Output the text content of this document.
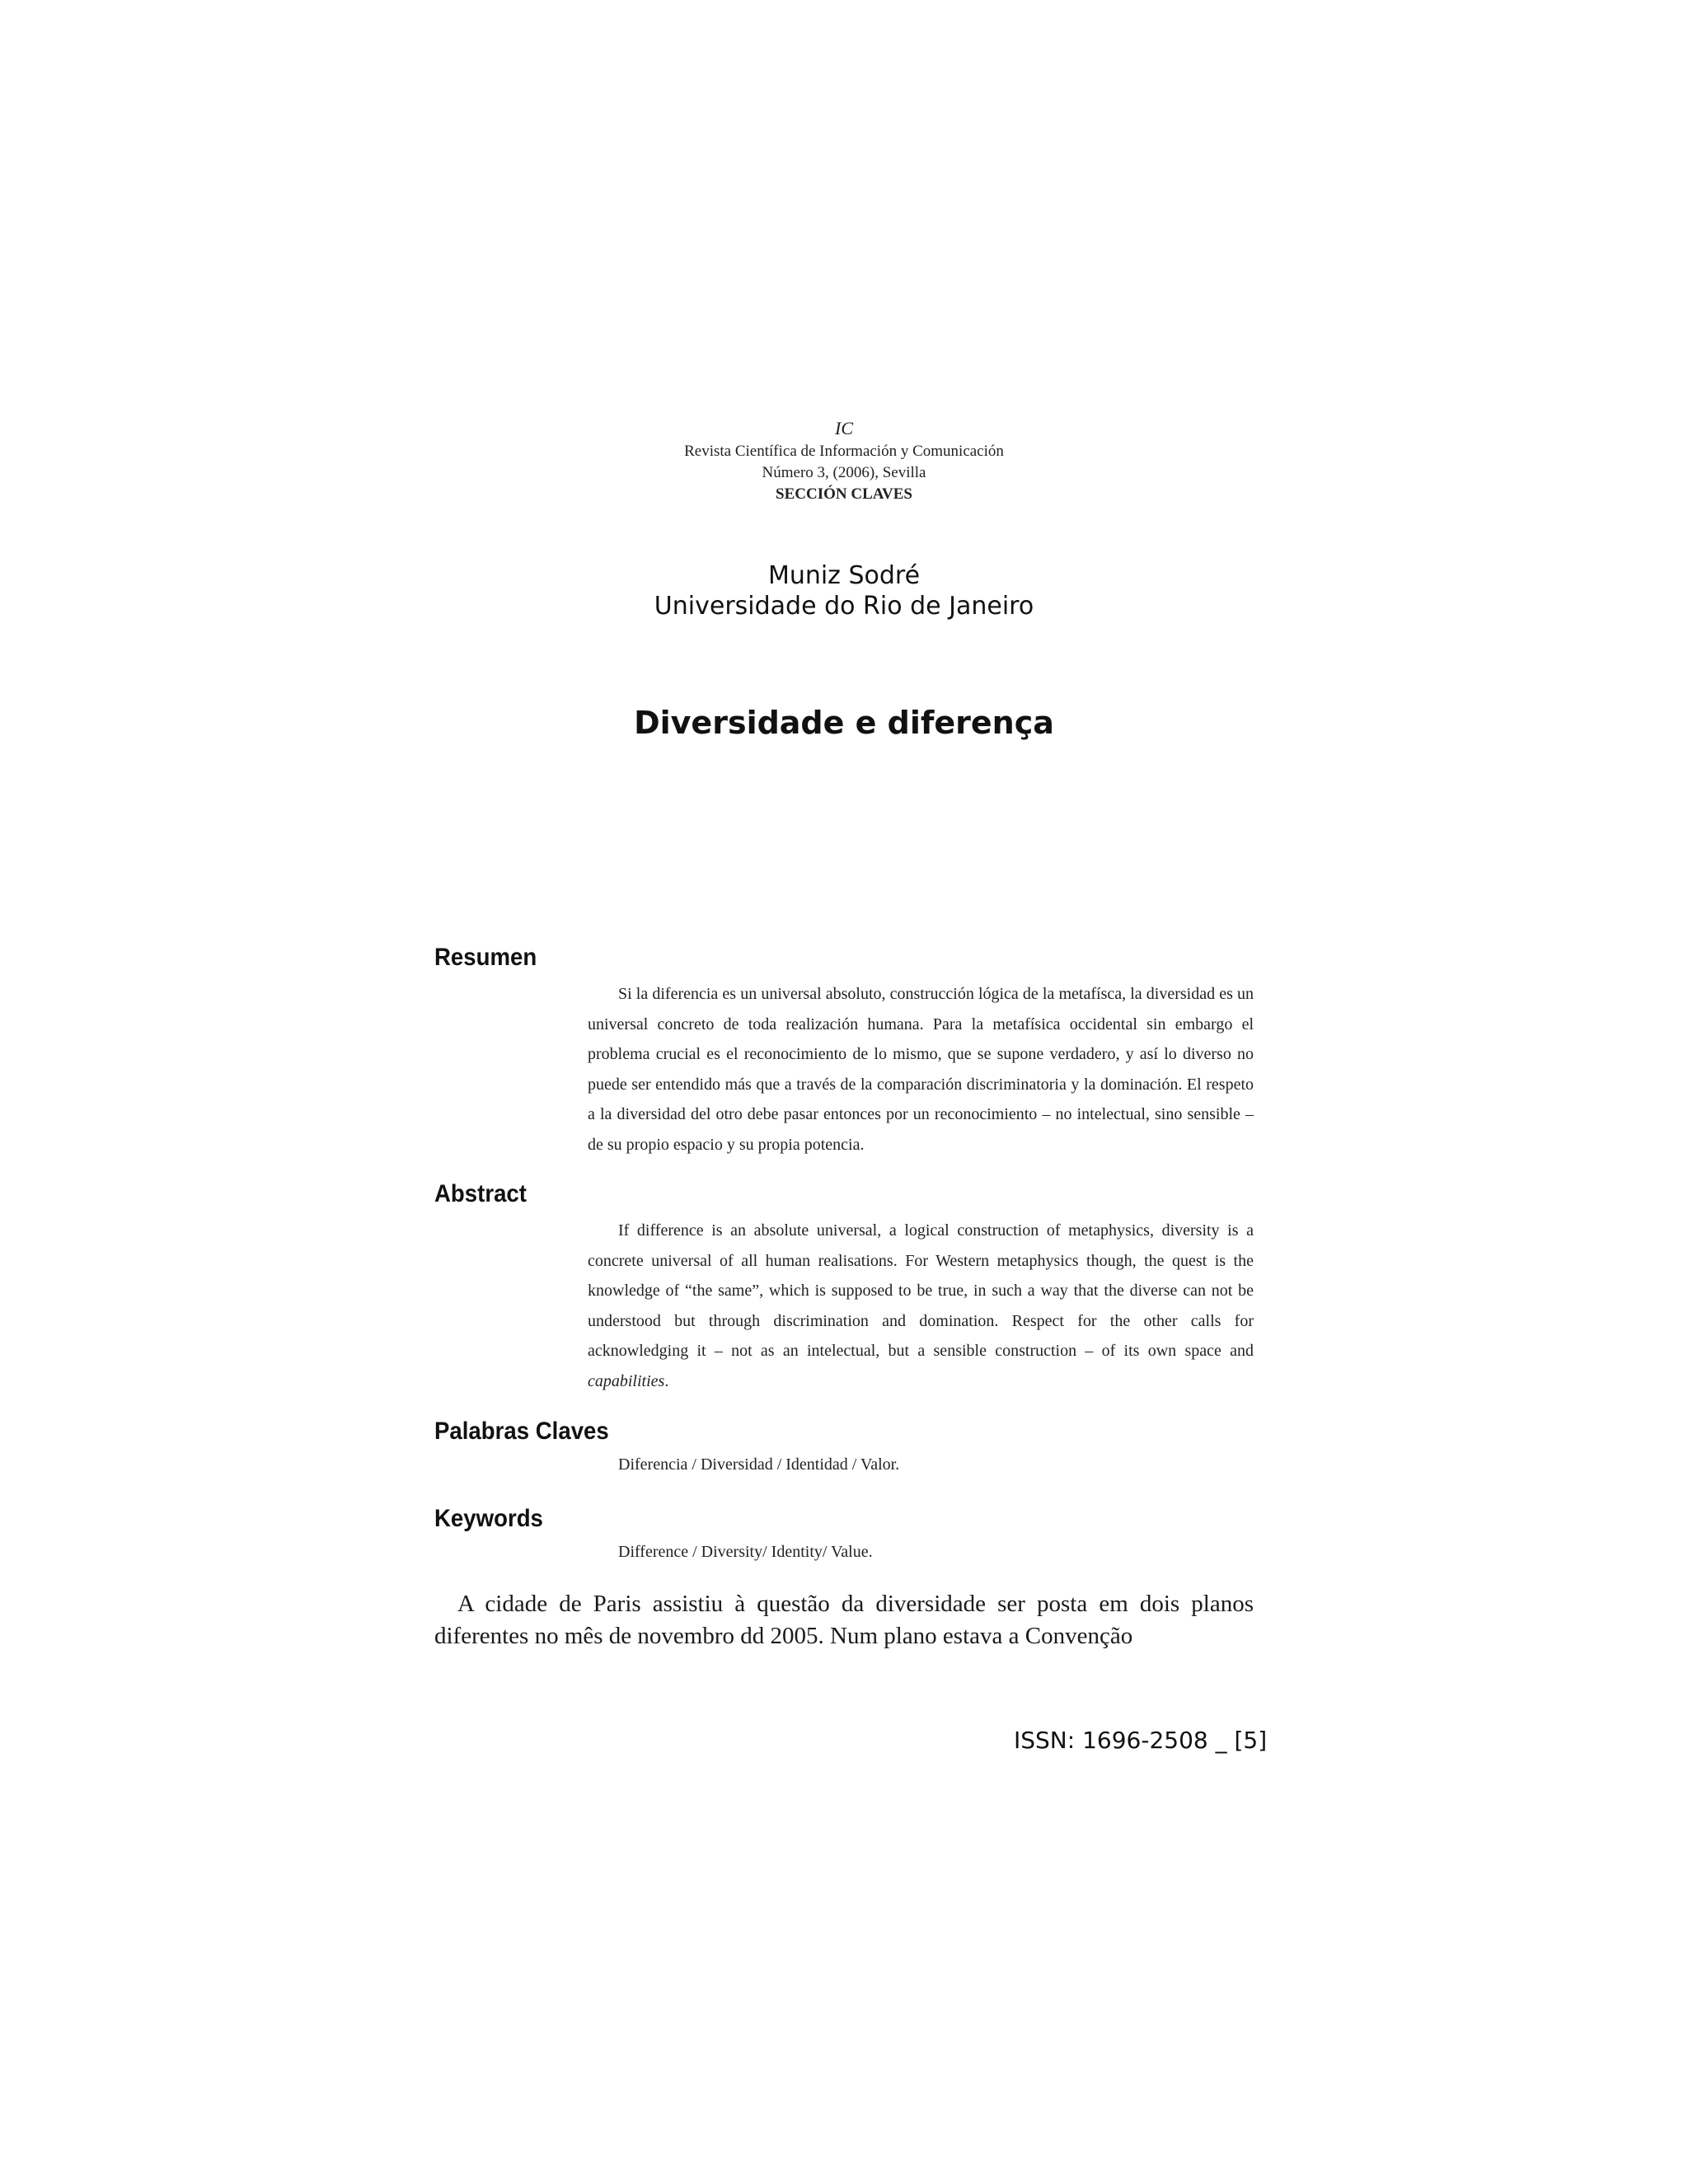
IC
Revista Científica de Información y Comunicación
Número 3, (2006), Sevilla
SECCIÓN CLAVES
Muniz Sodré
Universidade do Rio de Janeiro
Diversidade e diferença
Resumen

Si la diferencia es un universal absoluto, construcción lógica de la metafísca, la diversidad es un universal concreto de toda realización humana. Para la metafísica occidental sin embargo el problema crucial es el reconocimiento de lo mismo, que se supone verdadero, y así lo diverso no puede ser entendido más que a través de la comparación discriminatoria y la dominación. El respeto a la diversidad del otro debe pasar entonces por un reconocimiento – no intelectual, sino sensible – de su propio espacio y su propia potencia.

Abstract

If difference is an absolute universal, a logical construction of metaphysics, diversity is a concrete universal of all human realisations. For Western metaphysics though, the quest is the knowledge of “the same”, which is supposed to be true, in such a way that the diverse can not be understood but through discrimination and domination. Respect for the other calls for acknowledging it – not as an intelectual, but a sensible construction – of its own space and capabilities.

Palabras Claves

Diferencia / Diversidad / Identidad / Valor.

Keywords

Difference / Diversity/ Identity/ Value.

A cidade de Paris assistiu à questão da diversidade ser posta em dois planos diferentes no mês de novembro dd 2005. Num plano estava a Convenção

ISSN: 1696-2508 _ [5]
